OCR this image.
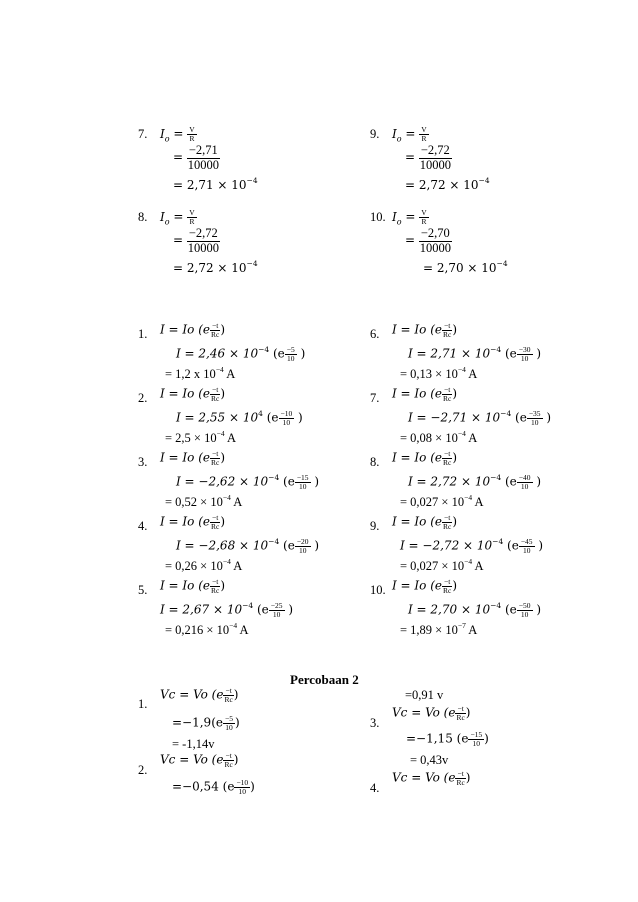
7. $I_o = \frac{V}{R}$
= $\frac{-2,71}{10000}$
= $2,71 \times 10^{-4}$
8. $I_o = \frac{V}{R}$
= $\frac{-2,72}{10000}$
= $2,72 \times 10^{-4}$
9. $I_o = \frac{V}{R}$
= $\frac{-2,72}{10000}$
= $2,72 \times 10^{-4}$
10. $I_o = \frac{V}{R}$
= $\frac{-2,70}{10000}$
= $2,70 \times 10^{-4}$
1. I = Io ($e \frac{-t}{Rc}$ )
$I = 2,46 \times 10^{-4}$ ($e \frac{-5}{10}$ )
= 1,2 x $10^{-4}$ A
2. I = Io ($e \frac{-t}{Rc}$ )
$I = 2,55 \times 10^4$ ($e \frac{-10}{10}$ )
= $2,5 \times 10^{-4}$ A
3. I = Io ($e \frac{-t}{Rc}$ )
$I = -2,62 \times 10^{-4}$ ($e \frac{-15}{10}$ )
= $0,52 \times 10^{-4}$ A
4. I = Io ($e \frac{-t}{Rc}$ )
$I = -2,68 \times 10^{-4}$ ($e \frac{-20}{10}$ )
= $0,26 \times 10^{-4}$ A
5. I = Io ($e \frac{-t}{Rc}$ )
$I = 2,67 \times 10^{-4}$ ($e \frac{-25}{10}$ )
= $0,216 \times 10^{-4}$ A
6. I = Io ($e \frac{-t}{Rc}$ )
$I = 2,71 \times 10^{-4}$ ($e \frac{-30}{10}$ )
= $0,13 \times 10^{-4}$ A
7. I = Io ($e \frac{-t}{Rc}$ )
$I = -2,71 \times 10^{-4}$ ($e \frac{-35}{10}$ )
= $0,08 \times 10^{-4}$ A
8. I = Io ($e \frac{-t}{Rc}$ )
$I = 2,72 \times 10^{-4}$ ($e \frac{-40}{10}$ )
= $0,027 \times 10^{-4}$ A
9. I = Io ($e \frac{-t}{Rc}$ )
$I = -2,72 \times 10^{-4}$ ($e \frac{-45}{10}$ )
= $0,027 \times 10^{-4}$ A
10. I = Io ($e \frac{-t}{Rc}$ )
$I = 2,70 \times 10^{-4}$ ($e \frac{-50}{10}$ )
= $1,89 \times 10^{-7}$ A
Percobaan 2
1.
Vc = Vo ($e \frac{-t}{Rc}$ )
$=-1,9(e \frac{-5}{10}$ )
= -1,14v
2.
Vc = Vo ($e \frac{-t}{Rc}$ )
=−0,54 ($e \frac{-10}{10}$ )
=0,91 v
3.
Vc = Vo ($e \frac{-t}{Rc}$ )
=−1,15 ($e \frac{-15}{10}$ )
= 0,43v
4.
Vc = Vo ($e \frac{-t}{Rc}$ )
